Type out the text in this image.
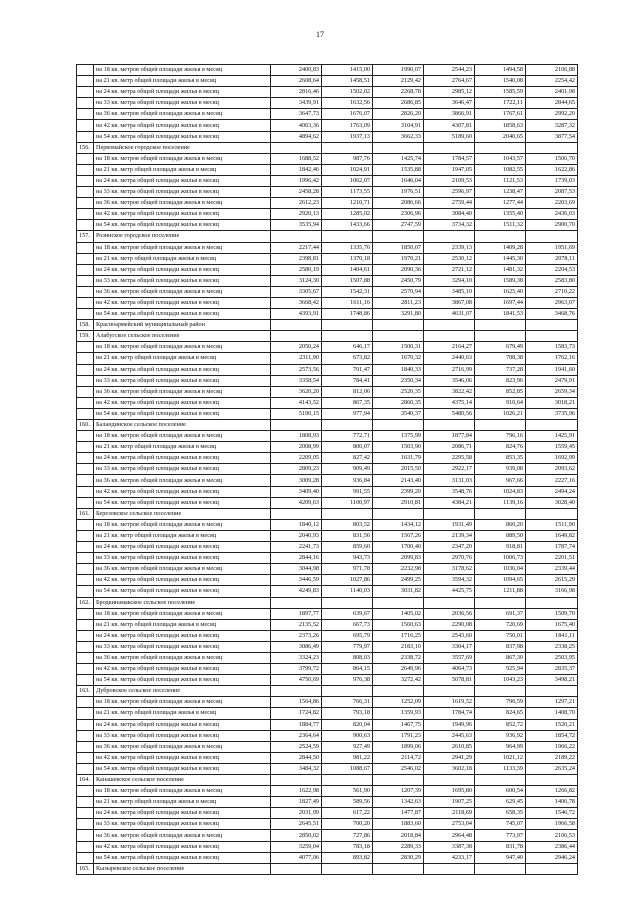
17
	на 18 кв. метров общей площади жилья в месяц	2400,83	1415,00	1990,07	2544,23	1494,58	2106,88
	на 21 кв. метр общей площади жилья в месяц	2608,64	1458,51	2129,42	2764,67	1540,08	2254,42
	на 24 кв. метра общей площади жилья в месяц	2816,46	1502,02	2268,78	2985,12	1585,59	2401,98
	на 33 кв. метра общей площади жилья в месяц	3439,91	1632,56	2686,85	3646,47	1722,11	2844,65
	на 36 кв. метров общей площади жилья в месяц	3647,73	1676,07	2826,20	3866,91	1767,61	2992,20
	на 42 кв. метра общей площади жилья в месяц	4063,36	1763,09	3104,91	4307,81	1858,63	3287,32
	на 54 кв. метра общей площади жилья в месяц	4894,62	1937,13	3662,33	5189,60	2040,65	3877,54
156.	Первомайское городское поселение						
	на 18 кв. метров общей площади жилья в месяц	1688,52	987,76	1425,74	1784,57	1043,57	1506,70
	на 21 кв. метр общей площади жилья в месяц	1842,46	1024,91	1535,88	1947,05	1082,55	1622,86
	на 24 кв. метра общей площади жилья в месяц	1996,42	1062,07	1646,04	2109,53	1121,53	1739,03
	на 33 кв. метра общей площади жилья в месяц	2458,28	1173,55	1976,51	2596,97	1238,47	2087,53
	на 36 кв. метров общей площади жилья в месяц	2612,23	1210,71	2086,66	2759,44	1277,44	2203,69
	на 42 кв. метра общей площади жилья в месяц	2920,13	1285,02	2306,96	3084,40	1355,40	2436,03
	на 54 кв. метра общей площади жилья в месяц	3535,94	1433,66	2747,59	3734,32	1511,32	2900,70
157.	Розинское городское поселение						
	на 18 кв. метров общей площади жилья в месяц	2217,44	1335,76	1850,07	2339,13	1409,28	1951,69
	на 21 кв. метр общей площади жилья в месяц	2398,81	1370,18	1970,21	2530,12	1445,30	2078,11
	на 24 кв. метра общей площади жилья в месяц	2580,19	1404,61	2090,36	2721,12	1481,32	2204,53
	на 33 кв. метра общей площади жилья в месяц	3124,30	1507,88	2450,79	3294,10	1589,38	2583,80
	на 36 кв. метров общей площади жилья в месяц	3305,67	1542,31	2570,94	3485,10	1625,40	2710,22
	на 42 кв. метра общей площади жилья в месяц	3668,42	1611,16	2811,23	3867,08	1697,44	2963,07
	на 54 кв. метра общей площади жилья в месяц	4393,91	1748,86	3291,80	4631,07	1841,53	3468,76
158.	Красноармейский муниципальный район						
159.	Алабугское сельское поселение						
	на 18 кв. метров общей площади жилья в месяц	2050,24	646,17	1500,31	2164,27	679,49	1583,73
	на 21 кв. метр общей площади жилья в месяц	2311,90	673,82	1670,32	2440,63	708,38	1762,16
	на 24 кв. метра общей площади жилья в месяц	2573,56	701,47	1840,33	2716,99	737,28	1941,60
	на 33 кв. метра общей площади жилья в месяц	3358,54	784,41	2350,34	3546,06	823,96	2479,91
	на 36 кв. метров общей площади жилья в месяц	3620,20	812,06	2520,35	3822,42	852,85	2659,34
	на 42 кв. метра общей площади жилья в месяц	4143,52	867,35	2860,35	4375,14	910,64	3018,21
	на 54 кв. метра общей площади жилья в месяц	5190,15	977,94	3540,37	5480,56	1026,21	3735,96
160.	Баландинское сельское поселение						
	на 18 кв. метров общей площади жилья в месяц	1808,93	772,71	1375,99	1877,84	796,16	1425,91
	на 21 кв. метр общей площади жилья в месяц	2008,99	800,07	1503,90	2086,71	824,76	1559,45
	на 24 кв. метра общей площади жилья в месяц	2209,05	827,42	1631,79	2295,58	853,35	1692,99
	на 33 кв. метра общей площади жилья в месяц	2809,23	909,49	2015,50	2922,17	939,08	2093,62
	на 36 кв. метров общей площади жилья в месяц	3009,28	936,84	2143,40	3131,03	967,66	2227,16
	на 42 кв. метра общей площади жилья в месяц	3409,40	991,55	2399,20	3548,76	1024,83	2494,24
	на 54 кв. метра общей площади жилья в месяц	4209,63	1100,97	2910,81	4384,21	1139,16	3028,40
161.	Березовское сельское поселение						
	на 18 кв. метров общей площади жилья в месяц	1840,12	803,52	1434,12	1931,49	860,20	1511,90
	на 21 кв. метр общей площади жилья в месяц	2040,93	831,56	1567,26	2139,34	889,50	1649,82
	на 24 кв. метра общей площади жилья в месяц	2241,73	859,60	1700,40	2347,20	918,81	1787,74
	на 33 кв. метра общей площади жилья в месяц	2844,16	943,73	2099,83	2970,76	1006,73	2201,51
	на 36 кв. метров общей площади жилья в месяц	3044,98	971,78	2232,98	3178,62	1036,04	2339,44
	на 42 кв. метра общей площади жилья в месяц	3446,59	1027,86	2499,25	3594,32	1094,65	2615,29
	на 54 кв. метра общей площади жилья в месяц	4249,83	1140,03	3031,82	4425,75	1211,88	3166,98
162.	Бродкинамакское сельское поселение						
	на 18 кв. метров общей площади жилья в месяц	1897,77	639,67	1405,02	2036,56	691,37	1509,70
	на 21 кв. метр общей площади жилья в месяц	2135,52	667,73	1560,63	2290,08	720,69	1675,40
	на 24 кв. метра общей площади жилья в месяц	2373,26	695,79	1716,25	2543,60	750,01	1841,11
	на 33 кв. метра общей площади жилья в месяц	3086,49	779,97	2183,10	3304,17	837,98	2338,25
	на 36 кв. метров общей площади жилья в месяц	3324,23	808,03	2338,72	3557,69	867,30	2503,95
	на 42 кв. метра общей площади жилья в месяц	3799,72	864,15	2649,96	4064,73	925,94	2835,37
	на 54 кв. метра общей площади жилья в месяц	4750,69	976,38	3272,42	5078,81	1043,23	3498,21
163.	Дубровское сельское поселение						
	на 18 кв. метров общей площади жилья в месяц	1564,86	766,31	1252,09	1619,52	796,59	1297,21
	на 21 кв. метр общей площади жилья в месяц	1724,82	793,18	1359,93	1784,74	824,65	1408,70
	на 24 кв. метра общей площади жилья в месяц	1884,77	820,04	1467,75	1949,96	852,72	1520,21
	на 33 кв. метра общей площади жилья в месяц	2364,64	900,63	1791,23	2445,63	936,92	1854,72
	на 36 кв. метров общей площади жилья в месяц	2524,59	927,49	1899,06	2610,85	964,99	1966,22
	на 42 кв. метра общей площади жилья в месяц	2844,50	981,22	2114,72	2941,29	1021,12	2189,22
	на 54 кв. метра общей площади жилья в месяц	3484,32	1088,67	2546,02	3602,18	1133,39	2635,24
164.	Канашевское сельское поселение						
	на 18 кв. метров общей площади жилья в месяц	1622,98	561,90	1207,39	1695,80	600,54	1266,82
	на 21 кв. метр общей площади жилья в месяц	1827,49	589,56	1342,63	1907,25	629,45	1406,78
	на 24 кв. метра общей площади жилья в месяц	2031,99	617,22	1477,87	2118,69	658,35	1546,72
	на 33 кв. метра общей площади жилья в месяц	2645,51	700,20	1883,60	2753,04	745,07	1966,58
	на 36 кв. метров общей площади жилья в месяц	2850,02	727,86	2018,84	2964,48	773,97	2106,53
	на 42 кв. метра общей площади жилья в месяц	3259,04	783,18	2289,33	3387,38	831,78	2386,44
	на 54 кв. метра общей площади жилья в месяц	4077,06	893,82	2830,29	4233,17	947,40	2946,24
165.	Кызыревское сельское поселение						
